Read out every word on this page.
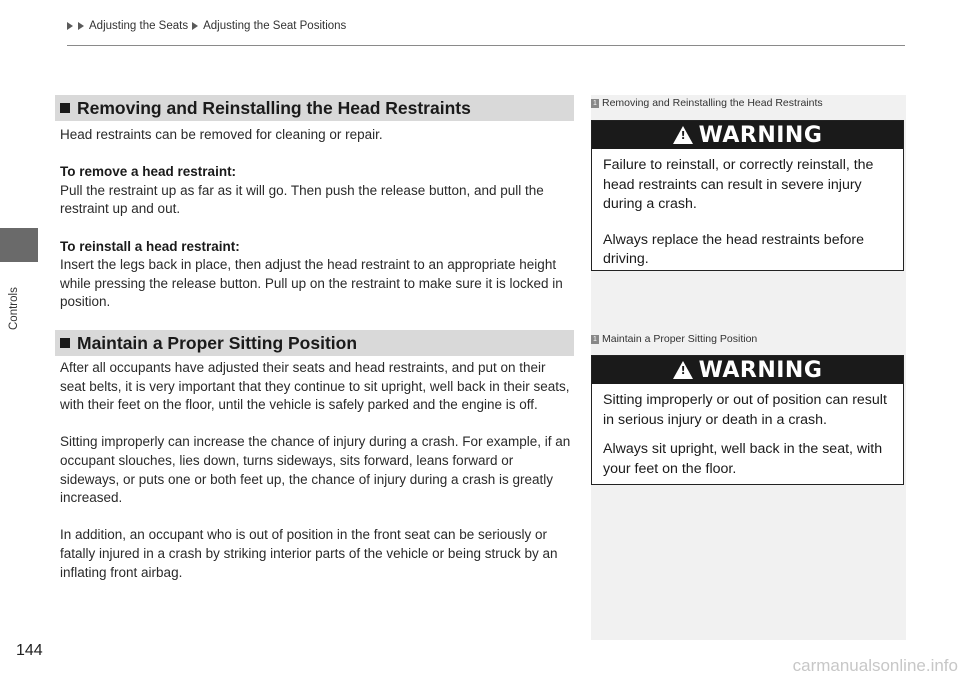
Adjusting the Seats Adjusting the Seat Positions
Controls
Removing and Reinstalling the Head Restraints

Head restraints can be removed for cleaning or repair.

To remove a head restraint:

Pull the restraint up as far as it will go. Then push the release button, and pull the restraint up and out.

To reinstall a head restraint:

Insert the legs back in place, then adjust the head restraint to an appropriate height while pressing the release button. Pull up on the restraint to make sure it is locked in position.

Maintain a Proper Sitting Position

After all occupants have adjusted their seats and head restraints, and put on their seat belts, it is very important that they continue to sit upright, well back in their seats, with their feet on the floor, until the vehicle is safely parked and the engine is off.

Sitting improperly can increase the chance of injury during a crash. For example, if an occupant slouches, lies down, turns sideways, sits forward, leans forward or sideways, or puts one or both feet up, the chance of injury during a crash is greatly increased.

In addition, an occupant who is out of position in the front seat can be seriously or fatally injured in a crash by striking interior parts of the vehicle or being struck by an inflating front airbag.

1 Removing and Reinstalling the Head Restraints
! WARNING

Failure to reinstall, or correctly reinstall, the head restraints can result in severe injury during a crash.

Always replace the head restraints before driving.

1 Maintain a Proper Sitting Position
! WARNING

Sitting improperly or out of position can result in serious injury or death in a crash.

Always sit upright, well back in the seat, with your feet on the floor.

144
carmanualsonline.info
